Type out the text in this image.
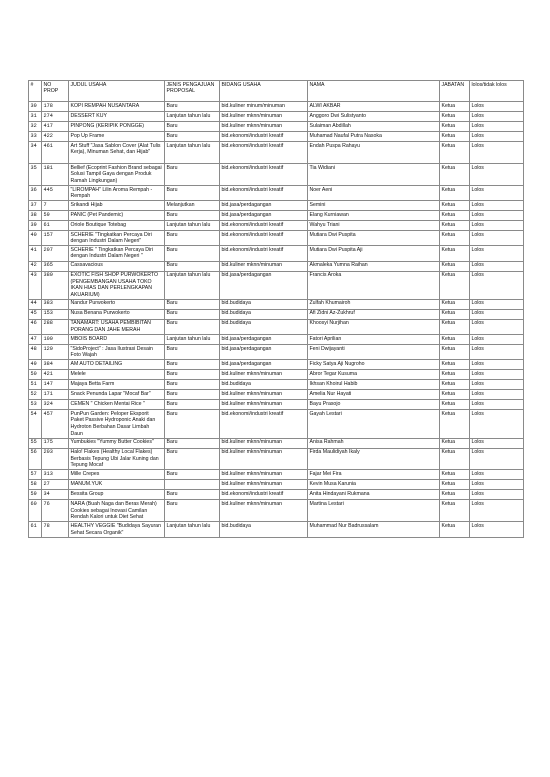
#	NO PROP	JUDUL USAHA	JENIS PENGAJUAN PROPOSAL	BIDANG USAHA	NAMA	JABATAN	lolos/tidak lolos
30	178	KOPI REMPAH NUSANTARA	Baru	bid.kuliner minum/minuman	ALWI AKBAR	Ketua	Lolos
31	274	DESSERT KUY	Lanjutan tahun lalu	bid.kuliner mknn/minuman	Anggoro Dwi Sulistyanto	Ketua	Lolos
32	417	PINPONG (KERIPIK PONGGE)	Baru	bid.kuliner mknn/minuman	Sulaiman Abdillah	Ketua	Lolos
33	422	Pop Up Frame	Baru	bid.ekonomi/industri kreatif	Muhamad Naufal Putra Nasoka	Ketua	Lolos
34	461	Art Stuff "Jasa Sablon Cover (Alat Tulis Kerja), Minuman Sehat, dan Hijab"	Lanjutan tahun lalu	bid.ekonomi/industri kreatif	Endah Puspa Rahayu	Ketua	Lolos
35	181	Bellief (Ecoprint Fashion Brand sebagai Solusi Tampil Gaya dengan Produk Ramah Lingkungan)	Baru	bid.ekonomi/industri kreatif	Tia Widiani	Ketua	Lolos
36	445	"LIROMPAH" Lilin Aroma Rempah - Rempah	Baru	bid.ekonomi/industri kreatif	Noer Aeni	Ketua	Lolos
37	7	Srikandi Hijab	Melanjutkan	bid.jasa/perdagangan	Semini	Ketua	Lolos
38	59	PANIC (Pet Pandemic)	Baru	bid.jasa/perdagangan	Elang Kurniawan	Ketua	Lolos
39	61	Oriole Boutique Totebag	Lanjutan tahun lalu	bid.ekonomi/industri kreatif	Wahyu Triani	Ketua	Lolos
40	157	SCHERIE "Tingkatkan Percaya Diri dengan Industri Dalam Negeri"	Baru	bid.ekonomi/industri kreatif	Mutiara Dwi Puspita	Ketua	Lolos
41	207	SCHERIE " Tingkatkan Percaya Diri dengan Industri Dalam Negeri "	Baru	bid.ekonomi/industri kreatif	Mutiara Dwi Puspita Aji	Ketua	Lolos
42	365	Cassavacious	Baru	bid.kuliner mknn/minuman	Akmaleka Yumna Raihan	Ketua	Lolos
43	380	EXOTIC FISH SHOP PURWOKERTO (PENGEMBANGAN USAHA TOKO IKAN HIAS DAN PERLENGKAPAN AKUARIUM)	Lanjutan tahun lalu	bid.jasa/perdagangan	Francis Aroka	Ketua	Lolos
44	383	Nandur Purwokerto	Baru	bid.budidaya	Zulfah Khumairoh	Ketua	Lolos
45	153	Nusa Benana Purwokerto	Baru	bid.budidaya	Afi Zidni Az-Zukhruf	Ketua	Lolos
46	288	TANAMART: USAHA PEMBIBITAN PORANG DAN JAHE MERAH	Baru	bid.budidaya	Khoosyi Nurjihan	Ketua	Lolos
47	100	MBOIS BOARD	Lanjutan tahun lalu	bid.jasa/perdagangan	Fatori Aprilian	Ketua	Lolos
48	120	"SidoProject" : Jasa Ilustrasi Desain Foto Wajah	Baru	bid.jasa/perdagangan	Feni Dwijayanti	Ketua	Lolos
49	384	AM AUTO DETAILING	Baru	bid.jasa/perdagangan	Ficky Satya Aji Nugroho	Ketua	Lolos
50	421	Melele	Baru	bid.kuliner mknn/minuman	Abror Tegar Kusuma	Ketua	Lolos
51	147	Majaya Betta Farm	Baru	bid.budidaya	Ikhsan Khoirul Habib	Ketua	Lolos
52	171	Snack Penunda Lapar "Mocaf Bar"	Baru	bid.kuliner mknn/minuman	Amelia Nur Hayati	Ketua	Lolos
53	324	CEMEN " Chicken Mentai Rice "	Baru	bid.kuliner mknn/minuman	Bayu Prasojo	Ketua	Lolos
54	457	PunPun Garden: Peloper Eksporit Paket Passive Hydroponic Anaki dan Hydroton Berbahan Dasar Limbah Daun	Baru	bid.ekonomi/industri kreatif	Gayah Lestari	Ketua	Lolos
55	175	Yumbukies "Yummy Butter Cookies"	Baru	bid.kuliner mknn/minuman	Anisa Rahmah	Ketua	Lolos
56	203	Halo! Flakes (Healthy Local Flakes) Berbasis Tepung Ubi Jalar Kuning dan Tepung Mocaf	Baru	bid.kuliner mknn/minuman	Firda Maulidiyah Ikaly	Ketua	Lolos
57	313	Mille Crepes	Baru	bid.kuliner mknn/minuman	Fajar Mei Fira	Ketua	Lolos
58	27	MANUM.YUK		bid.kuliner mknn/minuman	Kevin Musa Karunia	Ketua	Lolos
59	34	Bessita Group	Baru	bid.ekonomi/industri kreatif	Anita Hindayani Rukmana	Ketua	Lolos
60	76	NARA (Buah Naga dan Beras Merah) Cookies sebagai Inovasi Camilan Rendah Kalori untuk Diet Sehat	Baru	bid.kuliner mknn/minuman	Martina Lestari	Ketua	Lolos
61	78	HEALTHY VEGGIE "Budidaya Sayuran Sehat Secara Organik"	Lanjutan tahun lalu	bid.budidaya	Muhammad Nur Badrussalam	Ketua	Lolos
